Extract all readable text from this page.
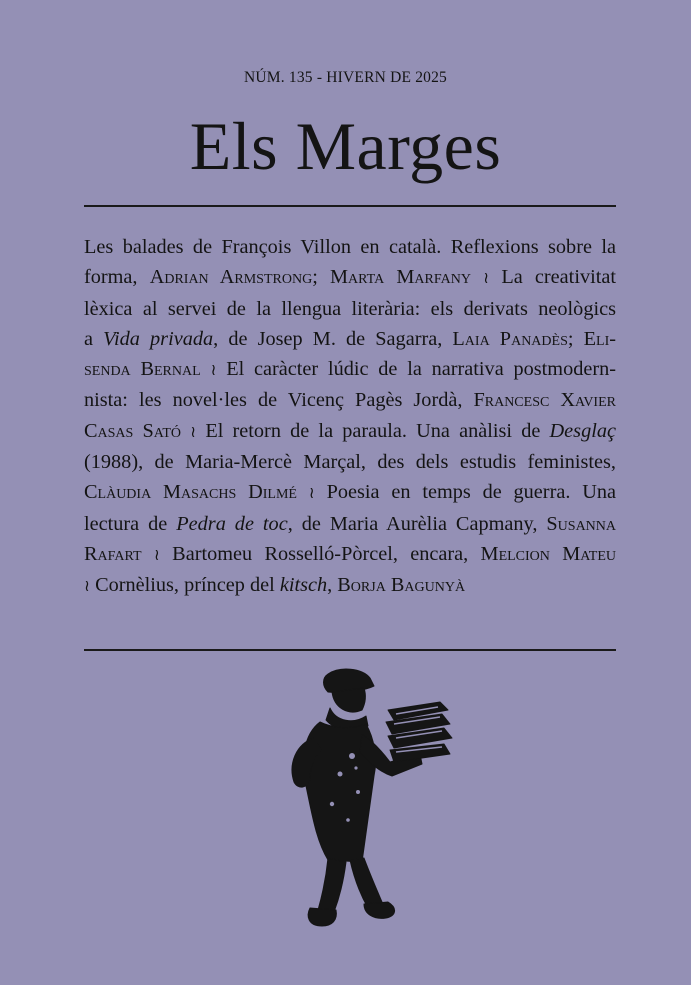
NÚM. 135 - HIVERN DE 2025
Els Marges
Les balades de François Villon en català. Reflexions sobre la
forma, Adrian Armstrong; Marta Marfany ≀ La creativitat
lèxica al servei de la llengua literària: els derivats neològics
a Vida privada, de Josep M. de Sagarra, Laia Panadès; Eli-
senda Bernal ≀ El caràcter lúdic de la narrativa postmodern-
nista: les novel·les de Vicenç Pagès Jordà, Francesc Xavier
Casas Sató ≀ El retorn de la paraula. Una anàlisi de Desglaç
(1988), de Maria-Mercè Marçal, des dels estudis feministes,
Clàudia Masachs Dilmé ≀ Poesia en temps de guerra. Una
lectura de Pedra de toc, de Maria Aurèlia Capmany, Susanna
Rafart ≀ Bartomeu Rosselló-Pòrcel, encara, Melcion Mateu
≀ Cornèlius, príncep del kitsch, Borja Bagunyà
